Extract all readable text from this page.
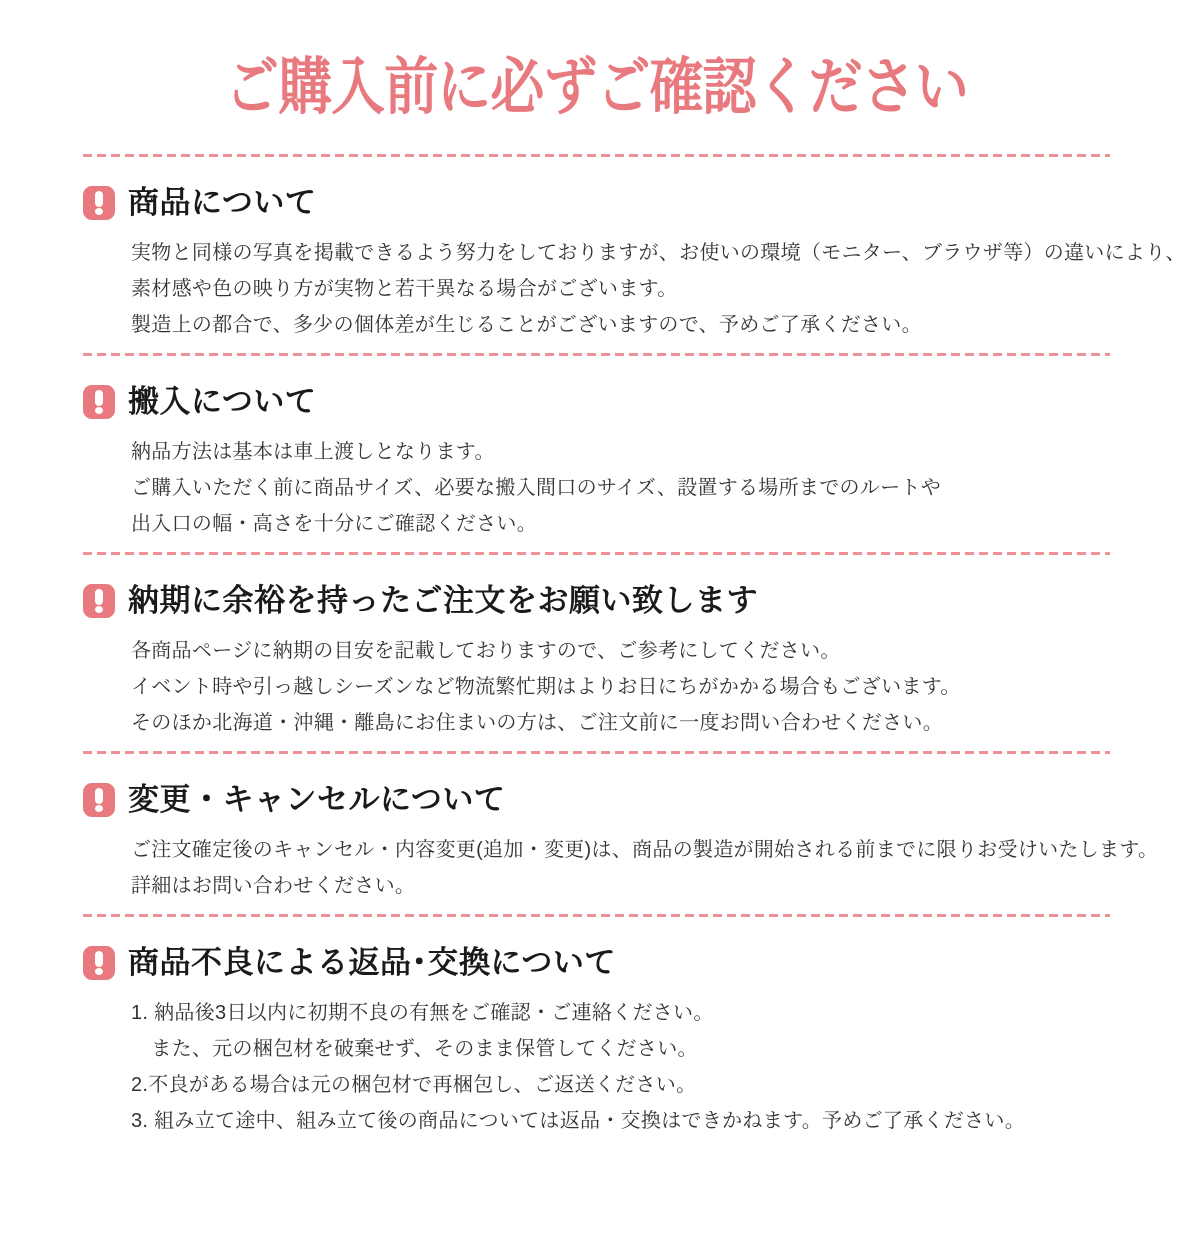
ご購入前に必ずご確認ください
商品について

実物と同様の写真を掲載できるよう努力をしておりますが、お使いの環境（モニター、ブラウザ等）の違いにより、

素材感や色の映り方が実物と若干異なる場合がございます。

製造上の都合で、多少の個体差が生じることがございますので、予めご了承ください。

搬入について

納品方法は基本は車上渡しとなります。

ご購入いただく前に商品サイズ、必要な搬入間口のサイズ、設置する場所までのルートや

出入口の幅・高さを十分にご確認ください。

納期に余裕を持ったご注文をお願い致します

各商品ページに納期の目安を記載しておりますので、ご参考にしてください。

イベント時や引っ越しシーズンなど物流繁忙期はよりお日にちがかかる場合もございます。

そのほか北海道・沖縄・離島にお住まいの方は、ご注文前に一度お問い合わせください。

変更・キャンセルについて

ご注文確定後のキャンセル・内容変更(追加・変更)は、商品の製造が開始される前までに限りお受けいたします。

詳細はお問い合わせください。

商品不良による返品･交換について

1. 納品後3日以内に初期不良の有無をご確認・ご連絡ください。

　また、元の梱包材を破棄せず、そのまま保管してください。

2.不良がある場合は元の梱包材で再梱包し、ご返送ください。

3. 組み立て途中、組み立て後の商品については返品・交換はできかねます。予めご了承ください。
